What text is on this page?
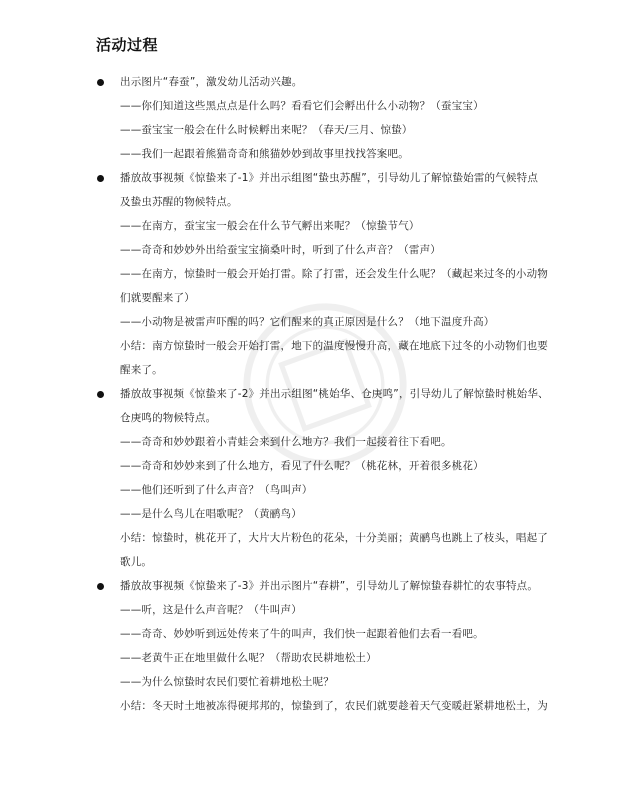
活动过程
出示图片“春蚕”，激发幼儿活动兴趣。
——你们知道这些黑点点是什么吗？看看它们会孵出什么小动物？（蚕宝宝）
——蚕宝宝一般会在什么时候孵出来呢？（春天/三月、惊蛰）
——我们一起跟着熊猫奇奇和熊猫妙妙到故事里找找答案吧。
播放故事视频《惊蛰来了-1》并出示组图“蛰虫苏醒”，引导幼儿了解惊蛰始雷的气候特点
及蛰虫苏醒的物候特点。
——在南方，蚕宝宝一般会在什么节气孵出来呢？（惊蛰节气）
——奇奇和妙妙外出给蚕宝宝摘桑叶时，听到了什么声音？（雷声）
——在南方，惊蛰时一般会开始打雷。除了打雷，还会发生什么呢？（藏起来过冬的小动物
们就要醒来了）
——小动物是被雷声吓醒的吗？它们醒来的真正原因是什么？（地下温度升高）
小结：南方惊蛰时一般会开始打雷，地下的温度慢慢升高，藏在地底下过冬的小动物们也要
醒来了。
播放故事视频《惊蛰来了-2》并出示组图“桃始华、仓庚鸣”，引导幼儿了解惊蛰时桃始华、
仓庚鸣的物候特点。
——奇奇和妙妙跟着小青蛙会来到什么地方？我们一起接着往下看吧。
——奇奇和妙妙来到了什么地方，看见了什么呢？（桃花林，开着很多桃花）
——他们还听到了什么声音？（鸟叫声）
——是什么鸟儿在唱歌呢？（黄鹂鸟）
小结：惊蛰时，桃花开了，大片大片粉色的花朵，十分美丽；黄鹂鸟也跳上了枝头，唱起了
歌儿。
播放故事视频《惊蛰来了-3》并出示图片“春耕”，引导幼儿了解惊蛰春耕忙的农事特点。
——听，这是什么声音呢？（牛叫声）
——奇奇、妙妙听到远处传来了牛的叫声，我们快一起跟着他们去看一看吧。
——老黄牛正在地里做什么呢？（帮助农民耕地松土）
——为什么惊蛰时农民们要忙着耕地松土呢？
小结：冬天时土地被冻得硬邦邦的，惊蛰到了，农民们就要趁着天气变暖赶紧耕地松土，为
